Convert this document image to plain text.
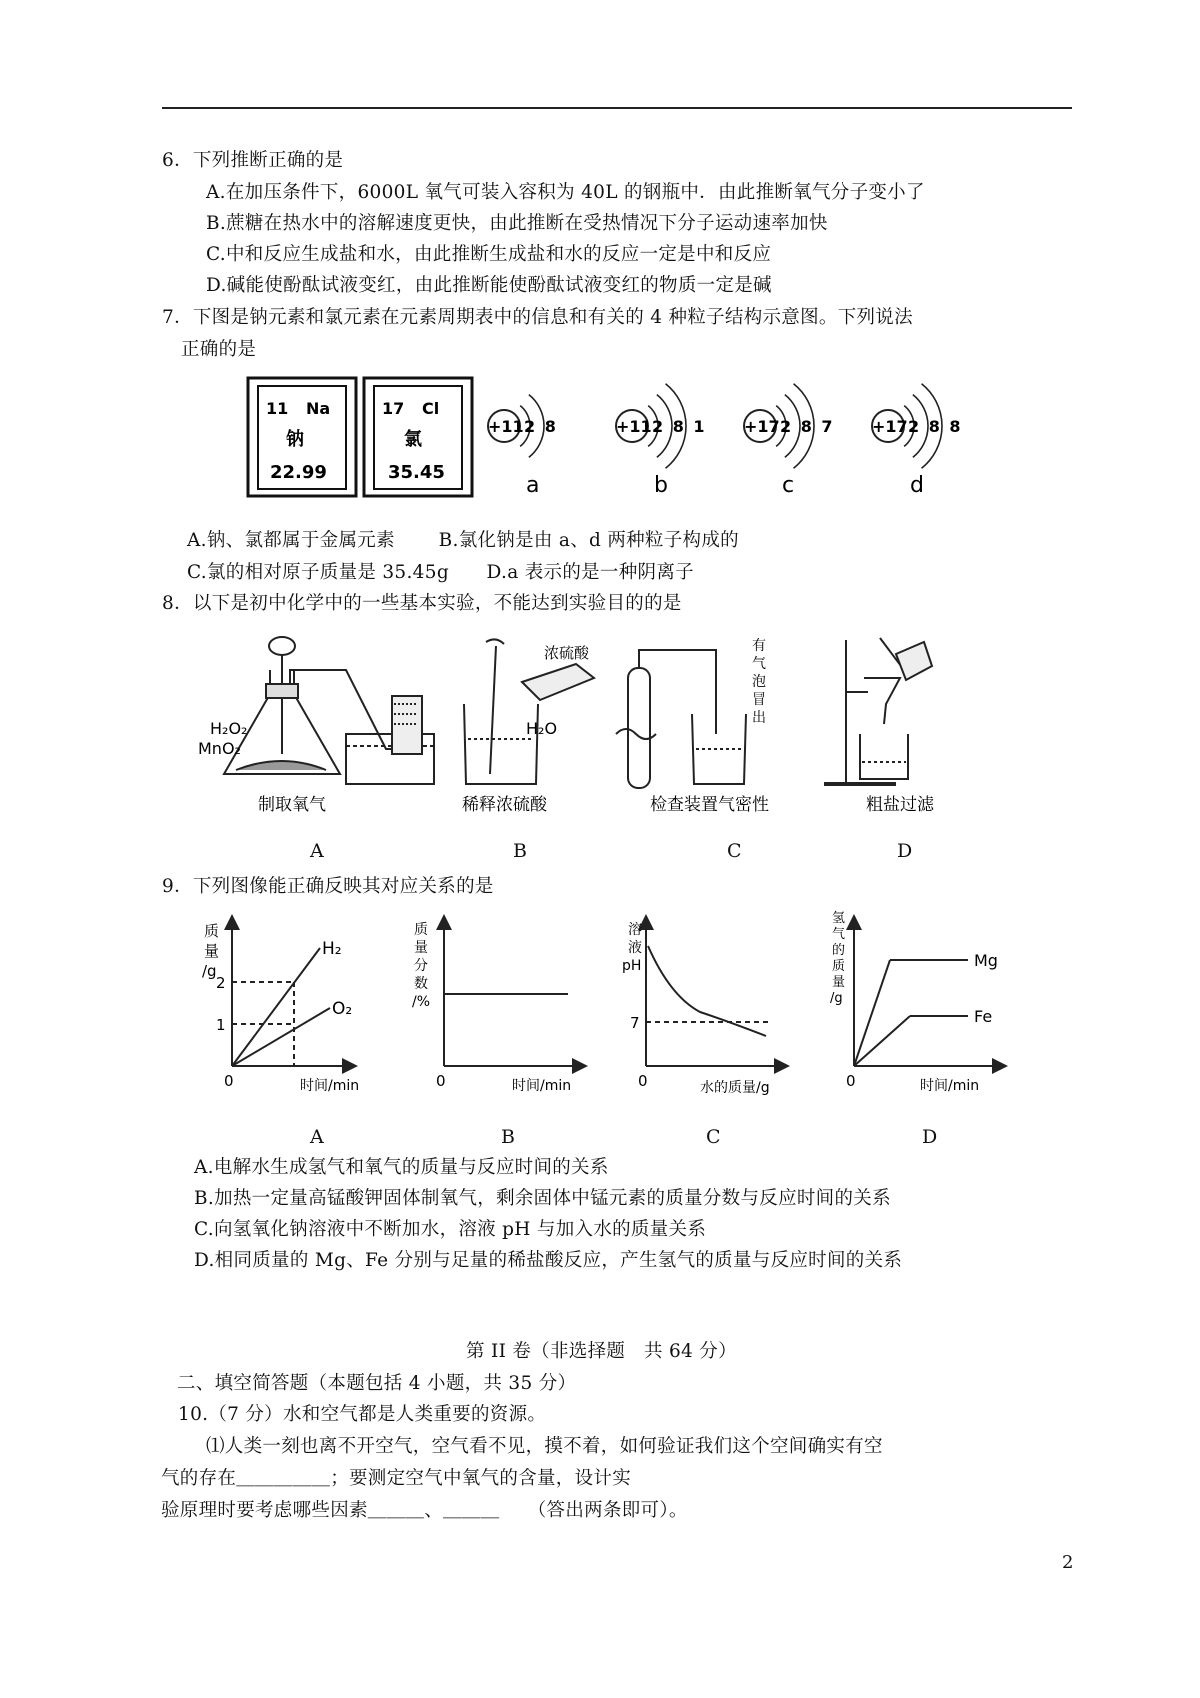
6．下列推断正确的是
A.在加压条件下，6000L 氧气可装入容积为 40L 的钢瓶中．由此推断氧气分子变小了
B.蔗糖在热水中的溶解速度更快，由此推断在受热情况下分子运动速率加快
C.中和反应生成盐和水，由此推断生成盐和水的反应一定是中和反应
D.碱能使酚酞试液变红，由此推断能使酚酞试液变红的物质一定是碱
7．下图是钠元素和氯元素在元素周期表中的信息和有关的 4 种粒子结构示意图。下列说法
正确的是
11 Na
钠
22.99
17 Cl
氯
35.45
+11 2 8
a
+11 2 8 1
b
+17 2 8 7
c
+17 2 8 8
d
A.钠、氯都属于金属元素　　 B.氯化钠是由 a、d 两种粒子构成的
C.氯的相对原子质量是 35.45g　　D.a 表示的是一种阴离子
8．以下是初中化学中的一些基本实验，不能达到实验目的的是
H₂O₂
MnO₂
浓硫酸
H₂O
有
气
泡
冒
出
制取氧气	稀释浓硫酸	检查装置气密性	粗盐过滤
A	B	C	D
9．下列图像能正确反映其对应关系的是
质
量
/g
2
1
H₂
O₂
0	时间/min
质
量
分
数
/%
0	时间/min
溶
液
pH
7
0	水的质量/g
氢
气
的
质
量
/g
Mg
Fe
0	时间/min
A	B	C	D
A.电解水生成氢气和氧气的质量与反应时间的关系
B.加热一定量高锰酸钾固体制氧气，剩余固体中锰元素的质量分数与反应时间的关系
C.向氢氧化钠溶液中不断加水，溶液 pH 与加入水的质量关系
D.相同质量的 Mg、Fe 分别与足量的稀盐酸反应，产生氢气的质量与反应时间的关系
第 II 卷（非选择题　共 64 分）
二、填空简答题（本题包括 4 小题，共 35 分）
10.（7 分）水和空气都是人类重要的资源。
⑴人类一刻也离不开空气，空气看不见，摸不着，如何验证我们这个空间确实有空
气的存在＿＿＿＿＿；要测定空气中氧气的含量，设计实
验原理时要考虑哪些因素＿＿＿、＿＿＿　　（答出两条即可）。
2
